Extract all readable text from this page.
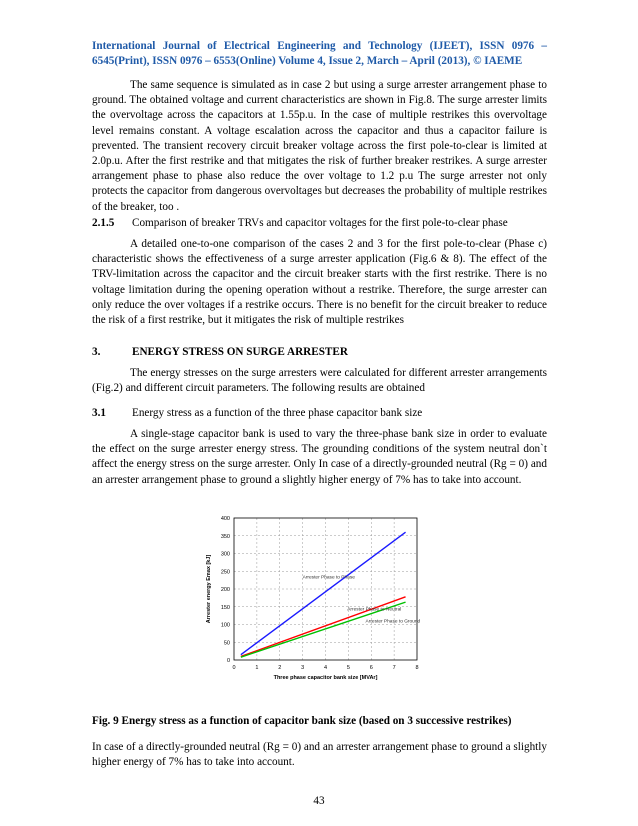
International Journal of Electrical Engineering and Technology (IJEET), ISSN 0976 – 6545(Print), ISSN 0976 – 6553(Online) Volume 4, Issue 2, March – April (2013), © IAEME

The same sequence is simulated as in case 2 but using a surge arrester arrangement phase to ground. The obtained voltage and current characteristics are shown in Fig.8. The surge arrester limits the overvoltage across the capacitors at 1.55p.u. In the case of multiple restrikes this overvoltage level remains constant. A voltage escalation across the capacitor and thus a capacitor failure is prevented. The transient recovery circuit breaker voltage across the first pole-to-clear is limited at 2.0p.u. After the first restrike and that mitigates the risk of further breaker restrikes. A surge arrester arrangement phase to phase also reduce the over voltage to 1.2 p.u The surge arrester not only protects the capacitor from dangerous overvoltages but decreases the probability of multiple restrikes of the breaker, too .

2.1.5 Comparison of breaker TRVs and capacitor voltages for the first pole-to-clear phase

A detailed one-to-one comparison of the cases 2 and 3 for the first pole-to-clear (Phase c) characteristic shows the effectiveness of a surge arrester application (Fig.6 & 8). The effect of the TRV-limitation across the capacitor and the circuit breaker starts with the first restrike. There is no voltage limitation during the opening operation without a restrike. Therefore, the surge arrester can only reduce the over voltages if a restrike occurs. There is no benefit for the circuit breaker to reduce the risk of a first restrike, but it mitigates the risk of multiple restrikes

3.	ENERGY STRESS ON SURGE ARRESTER

The energy stresses on the surge arresters were calculated for different arrester arrangements (Fig.2) and different circuit parameters. The following results are obtained

3.1 Energy stress as a function of the three phase capacitor bank size

A single-stage capacitor bank is used to vary the three-phase bank size in order to evaluate the effect on the surge arrester energy stress. The grounding conditions of the system neutral don`t affect the energy stress on the surge arrester. Only In case of a directly-grounded neutral (Rg = 0) and an arrester arrangement phase to ground a slightly higher energy of 7% has to take into account.

0	1	2	3	4	5	6	7	8
0
50
100
150
200
250
300
350
400
Arrester Phase to Phase
Arrester Phase to Neutral
Arrester Phase to Ground
Three phase capacitor bank size [MVAr]
Arrester energy Emax [kJ]
Fig. 9 Energy stress as a function of capacitor bank size (based on 3 successive restrikes)

In case of a directly-grounded neutral (Rg = 0) and an arrester arrangement phase to ground a slightly higher energy of 7% has to take into account.

43
